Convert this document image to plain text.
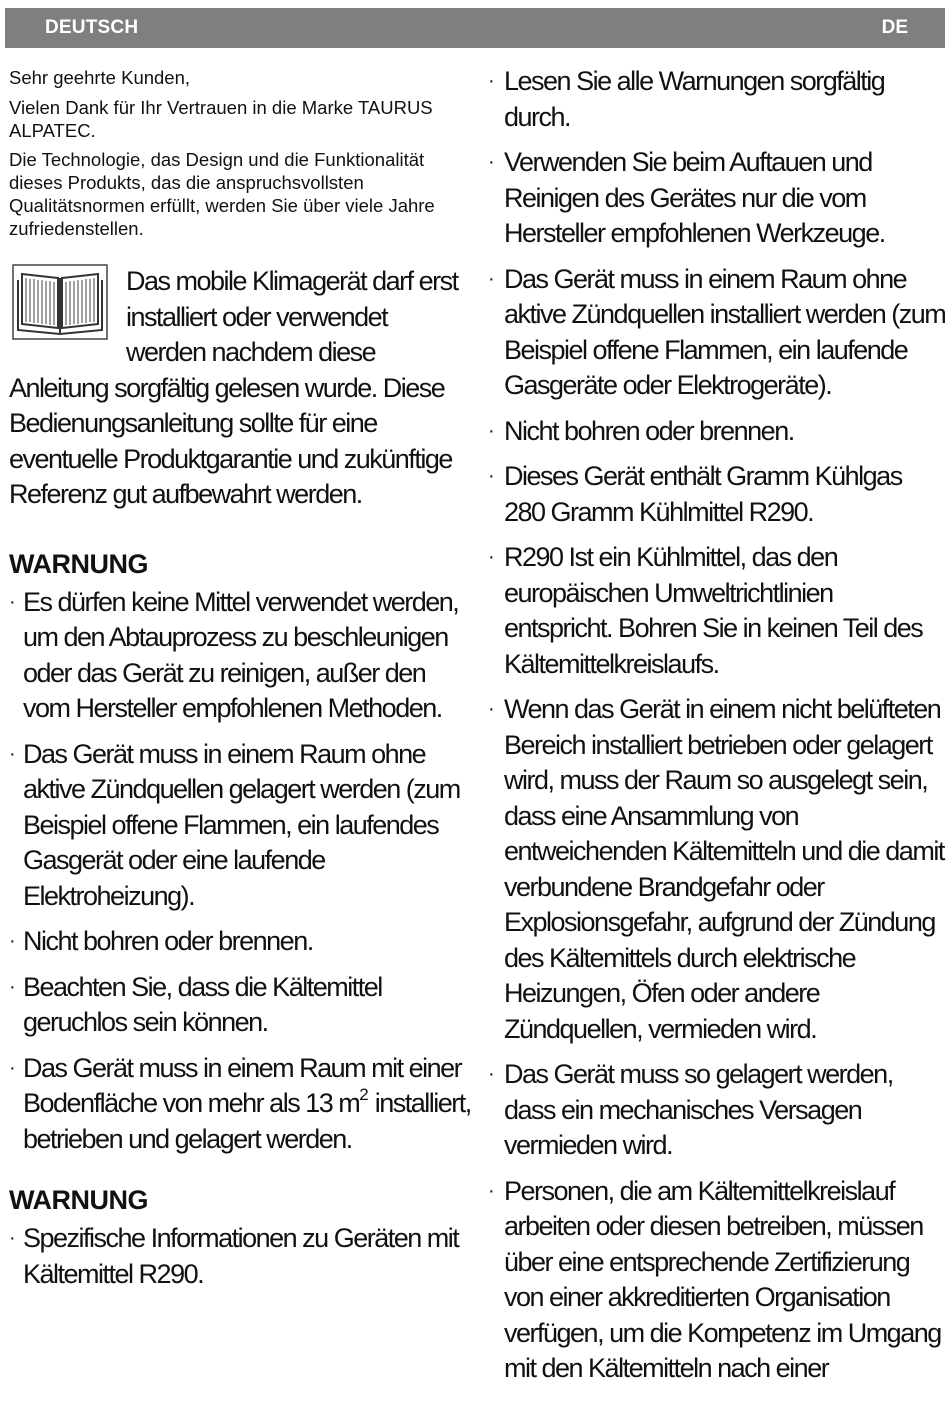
DEUTSCH	DE

Sehr geehrte Kunden,

Vielen Dank für Ihr Vertrauen in die Marke TAURUS ALPATEC.

Die Technologie, das Design und die Funktionalität dieses Produkts, das die anspruchsvollsten Qualitätsnormen erfüllt, werden Sie über viele Jahre zufriedenstellen.

Das mobile Klimagerät darf erst installiert oder verwendet werden nachdem diese Anleitung sorgfältig gelesen wurde. Diese Bedienungsanleitung sollte für eine eventuelle Produktgarantie und zukünftige Referenz gut aufbewahrt werden.

WARNUNG
· Es dürfen keine Mittel verwendet werden, um den Abtauprozess zu beschleunigen oder das Gerät zu reinigen, außer den vom Hersteller empfohlenen Methoden.
· Das Gerät muss in einem Raum ohne aktive Zündquellen gelagert werden (zum Beispiel offene Flammen, ein laufendes Gasgerät oder eine laufende Elektroheizung).
· Nicht bohren oder brennen.
· Beachten Sie, dass die Kältemittel geruchlos sein können.
· Das Gerät muss in einem Raum mit einer Bodenfläche von mehr als 13 $m^2$ installiert, betrieben und gelagert werden.
WARNUNG
· Spezifische Informationen zu Geräten mit Kältemittel R290.
· Lesen Sie alle Warnungen sorgfältig durch.
· Verwenden Sie beim Auftauen und Reinigen des Gerätes nur die vom Hersteller empfohlenen Werkzeuge.
· Das Gerät muss in einem Raum ohne aktive Zündquellen installiert werden (zum Beispiel offene Flammen, ein laufende Gasgeräte oder Elektrogeräte).
· Nicht bohren oder brennen.
· Dieses Gerät enthält Gramm Kühlgas 280 Gramm Kühlmittel R290.
· R290 Ist ein Kühlmittel, das den europäischen Umweltrichtlinien entspricht. Bohren Sie in keinen Teil des Kältemittelkreislaufs.
· Wenn das Gerät in einem nicht belüfteten Bereich installiert betrieben oder gelagert wird, muss der Raum so ausgelegt sein, dass eine Ansammlung von entweichenden Kältemitteln und die damit verbundene Brandgefahr oder Explosionsgefahr, aufgrund der Zündung des Kältemittels durch elektrische Heizungen, Öfen oder andere Zündquellen, vermieden wird.
· Das Gerät muss so gelagert werden, dass ein mechanisches Versagen vermieden wird.
· Personen, die am Kältemittelkreislauf arbeiten oder diesen betreiben, müssen über eine entsprechende Zertifizierung von einer akkreditierten Organisation verfügen, um die Kompetenz im Umgang mit den Kältemitteln nach einer
